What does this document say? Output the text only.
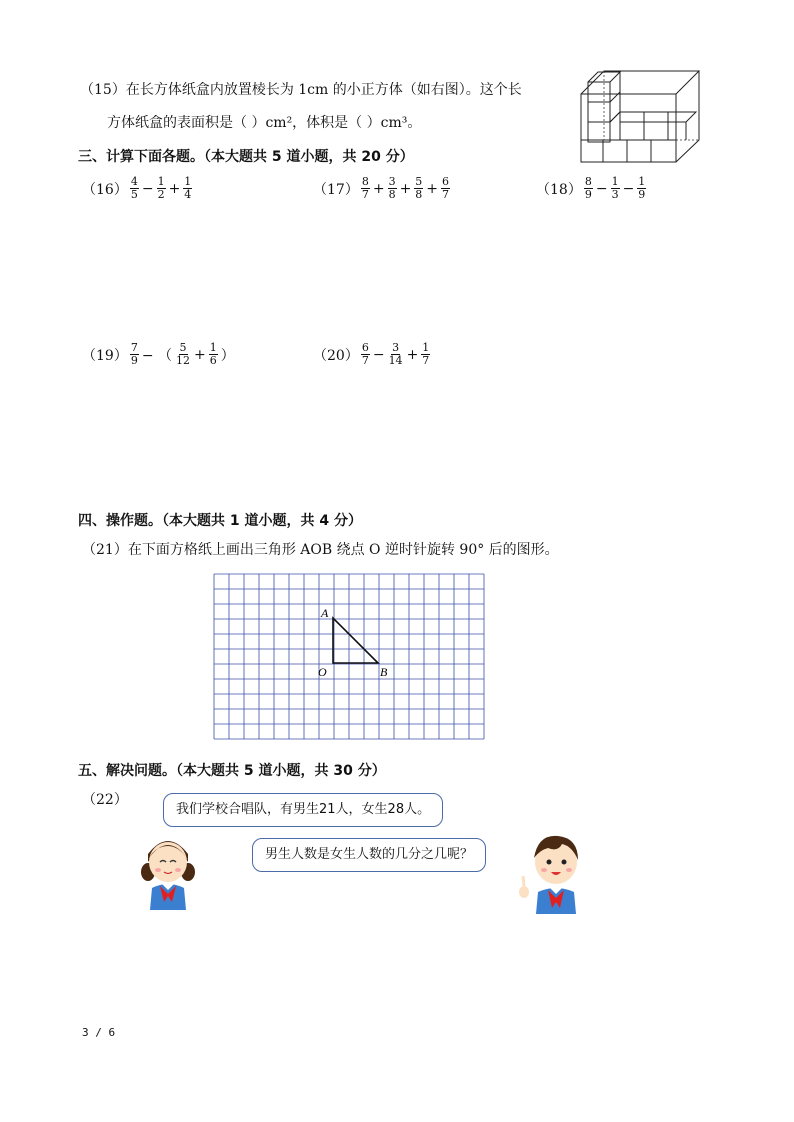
（15）在长方体纸盒内放置棱长为 1cm 的小正方体（如右图）。这个长
方体纸盒的表面积是（ ）cm²，体积是（ ）cm³。
三、计算下面各题。（本大题共 5 道小题，共 20 分）
$(16) \frac{4}{5} - \frac{1}{2} + \frac{1}{4}$	$(17) \frac{8}{7} + \frac{3}{8} + \frac{5}{8} + \frac{6}{7}$	$(18) \frac{8}{9} - \frac{1}{3} - \frac{1}{9}$
$(19) \frac{7}{9}$ − （ $\frac{5}{12} + \frac{1}{6}$ ）	$(20) \frac{6}{7} - \frac{3}{14} + \frac{1}{7}$
四、操作题。（本大题共 1 道小题，共 4 分）
（21）在下面方格纸上画出三角形 AOB 绕点 O 逆时针旋转 90° 后的图形。
A
O	B
五、解决问题。（本大题共 5 道小题，共 30 分）
（22）
我们学校合唱队，有男生21人，女生28人。
男生人数是女生人数的几分之几呢？
3 / 6
